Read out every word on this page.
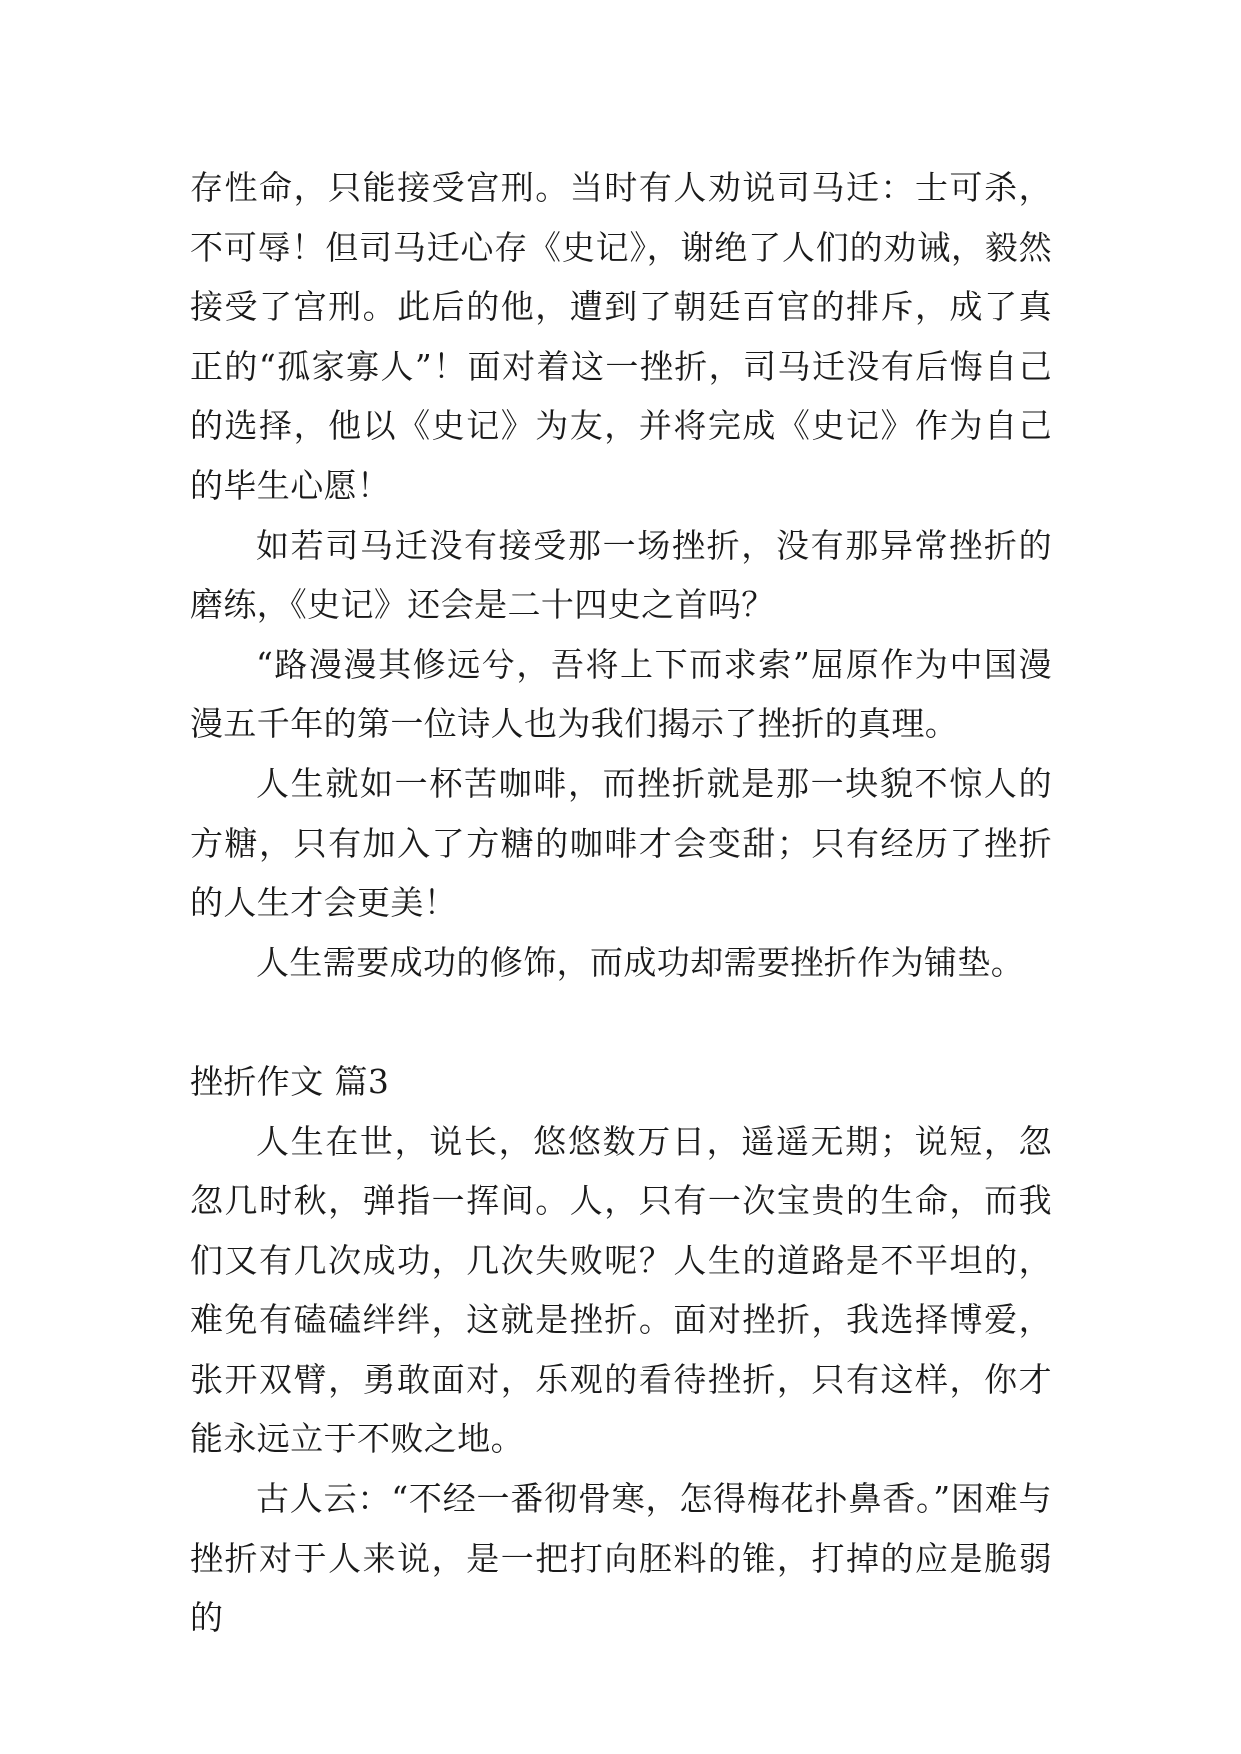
存性命，只能接受宫刑。当时有人劝说司马迁：士可杀，不可辱！但司马迁心存《史记》，谢绝了人们的劝诫，毅然接受了宫刑。此后的他，遭到了朝廷百官的排斥，成了真正的“孤家寡人”！面对着这一挫折，司马迁没有后悔自己的选择，他以《史记》为友，并将完成《史记》作为自己的毕生心愿！

如若司马迁没有接受那一场挫折，没有那异常挫折的磨练，《史记》还会是二十四史之首吗？

“路漫漫其修远兮，吾将上下而求索”屈原作为中国漫漫五千年的第一位诗人也为我们揭示了挫折的真理。

人生就如一杯苦咖啡，而挫折就是那一块貌不惊人的方糖，只有加入了方糖的咖啡才会变甜；只有经历了挫折的人生才会更美！

人生需要成功的修饰，而成功却需要挫折作为铺垫。

挫折作文 篇3

人生在世，说长，悠悠数万日，遥遥无期；说短，忽忽几时秋，弹指一挥间。人，只有一次宝贵的生命，而我们又有几次成功，几次失败呢？人生的道路是不平坦的，难免有磕磕绊绊，这就是挫折。面对挫折，我选择博爱，张开双臂，勇敢面对，乐观的看待挫折，只有这样，你才能永远立于不败之地。

古人云：“不经一番彻骨寒，怎得梅花扑鼻香。”困难与挫折对于人来说，是一把打向胚料的锥，打掉的应是脆弱的
